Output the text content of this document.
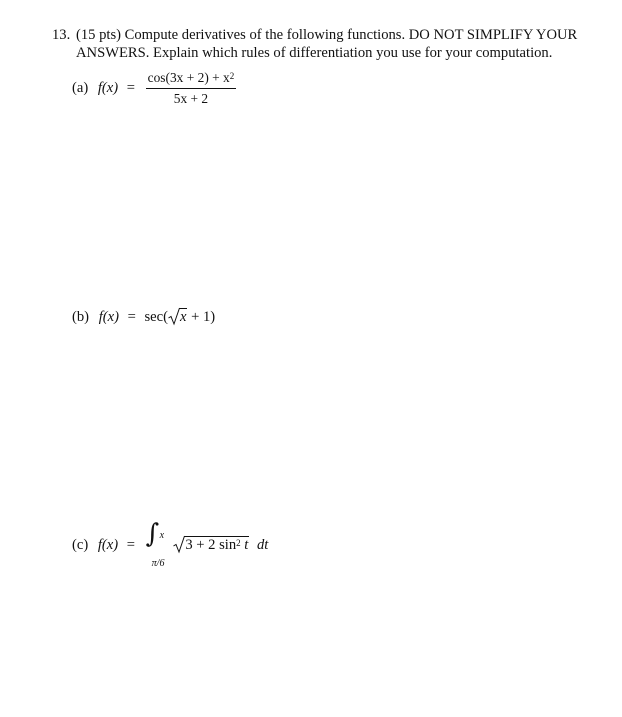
13. (15 pts) Compute derivatives of the following functions. DO NOT SIMPLIFY YOUR
ANSWERS. Explain which rules of differentiation you use for your computation.
(a) $f(x) = \frac{\cos(3x + 2) + x^2}{5x + 2}$
(b) f(x) = sec( x + 1)
(c) f(x) = ∫ x
π/6

3 + 2 $\sin^2 t$ dt
